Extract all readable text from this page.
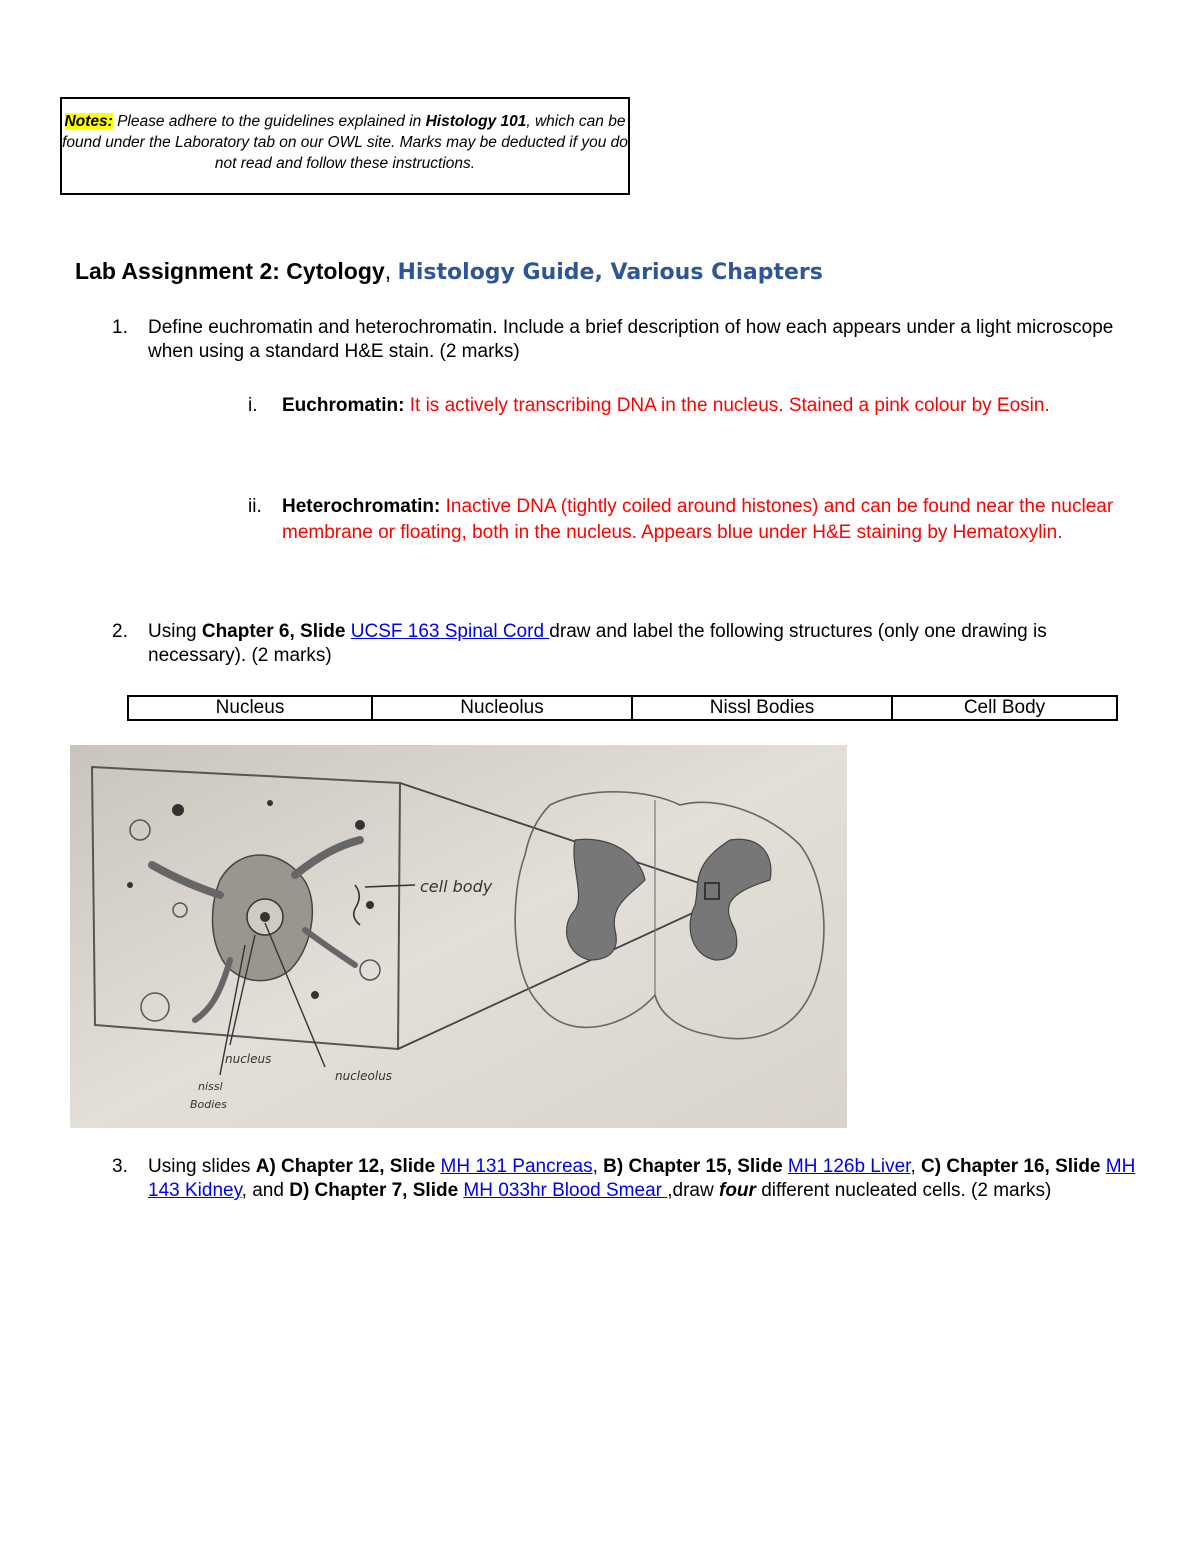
Notes: Please adhere to the guidelines explained in Histology 101, which can be found under the Laboratory tab on our OWL site. Marks may be deducted if you do not read and follow these instructions.
Lab Assignment 2: Cytology, Histology Guide, Various Chapters
1. Define euchromatin and heterochromatin. Include a brief description of how each appears under a light microscope when using a standard H&E stain. (2 marks)
i. Euchromatin: It is actively transcribing DNA in the nucleus. Stained a pink colour by Eosin.
ii. Heterochromatin: Inactive DNA (tightly coiled around histones) and can be found near the nuclear membrane or floating, both in the nucleus. Appears blue under H&E staining by Hematoxylin.
2. Using Chapter 6, Slide UCSF 163 Spinal Cord draw and label the following structures (only one drawing is necessary). (2 marks)
Nucleus	Nucleolus	Nissl Bodies	Cell Body
cell body
nucleus
nucleolus
nissl
Bodies
3. Using slides A) Chapter 12, Slide MH 131 Pancreas, B) Chapter 15, Slide MH 126b Liver, C) Chapter 16, Slide MH 143 Kidney, and D) Chapter 7, Slide MH 033hr Blood Smear ,draw four different nucleated cells. (2 marks)
